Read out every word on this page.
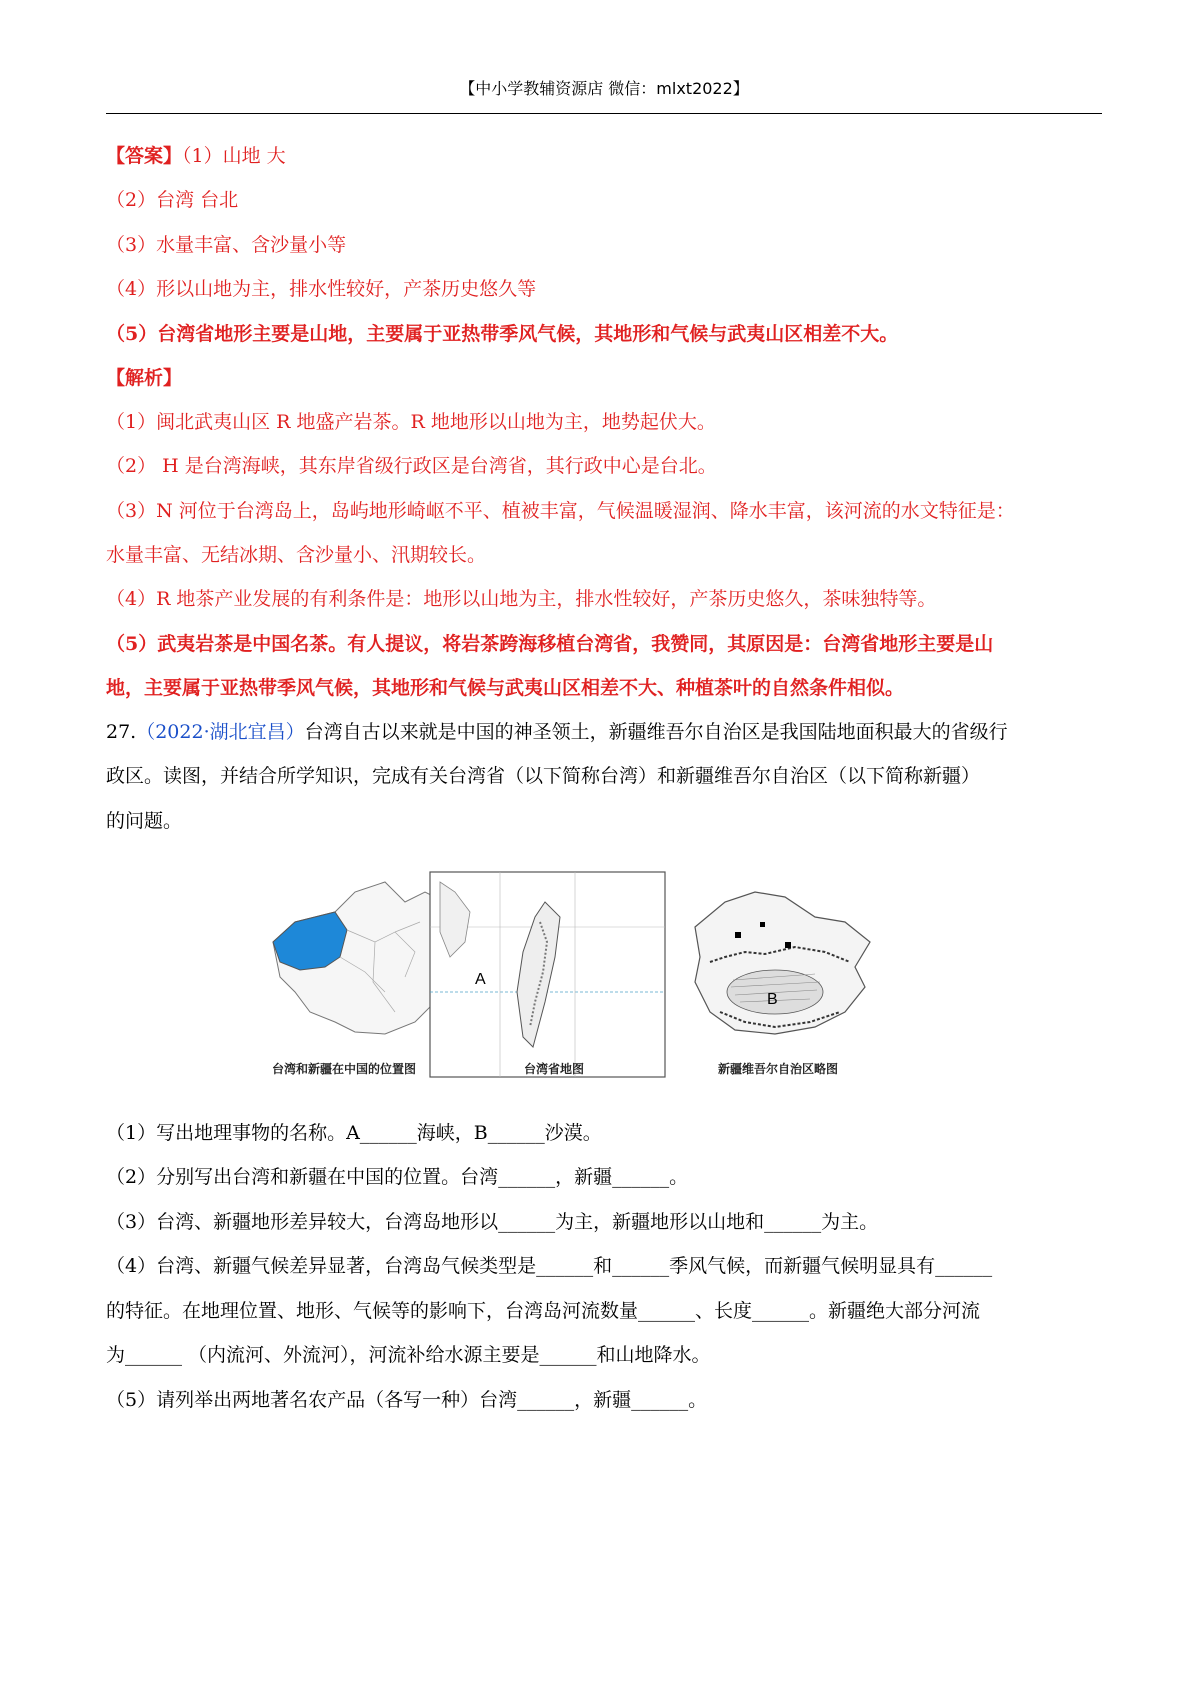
【中小学教辅资源店 微信：mlxt2022】
【答案】（1）山地 大
（2）台湾 台北
（3）水量丰富、含沙量小等
（4）形以山地为主，排水性较好，产茶历史悠久等
（5）台湾省地形主要是山地，主要属于亚热带季风气候，其地形和气候与武夷山区相差不大。
【解析】
（1）闽北武夷山区 R 地盛产岩茶。R 地地形以山地为主，地势起伏大。
（2） H 是台湾海峡，其东岸省级行政区是台湾省，其行政中心是台北。
（3）N 河位于台湾岛上，岛屿地形崎岖不平、植被丰富，气候温暖湿润、降水丰富，该河流的水文特征是：
水量丰富、无结冰期、含沙量小、汛期较长。
（4）R 地茶产业发展的有利条件是：地形以山地为主，排水性较好，产茶历史悠久，茶味独特等。
（5）武夷岩茶是中国名茶。有人提议，将岩茶跨海移植台湾省，我赞同，其原因是：台湾省地形主要是山
地，主要属于亚热带季风气候，其地形和气候与武夷山区相差不大、种植茶叶的自然条件相似。
27.（2022·湖北宜昌）台湾自古以来就是中国的神圣领土，新疆维吾尔自治区是我国陆地面积最大的省级行
政区。读图，并结合所学知识，完成有关台湾省（以下简称台湾）和新疆维吾尔自治区（以下简称新疆）
的问题。
A
B
台湾和新疆在中国的位置图	台湾省地图	新疆维吾尔自治区略图
（1）写出地理事物的名称。A______海峡，B______沙漠。
（2）分别写出台湾和新疆在中国的位置。台湾______，新疆______。
（3）台湾、新疆地形差异较大，台湾岛地形以______为主，新疆地形以山地和______为主。
（4）台湾、新疆气候差异显著，台湾岛气候类型是______和______季风气候，而新疆气候明显具有______
的特征。在地理位置、地形、气候等的影响下，台湾岛河流数量______、长度______。新疆绝大部分河流
为______ （内流河、外流河），河流补给水源主要是______和山地降水。
（5）请列举出两地著名农产品（各写一种）台湾______，新疆______。
